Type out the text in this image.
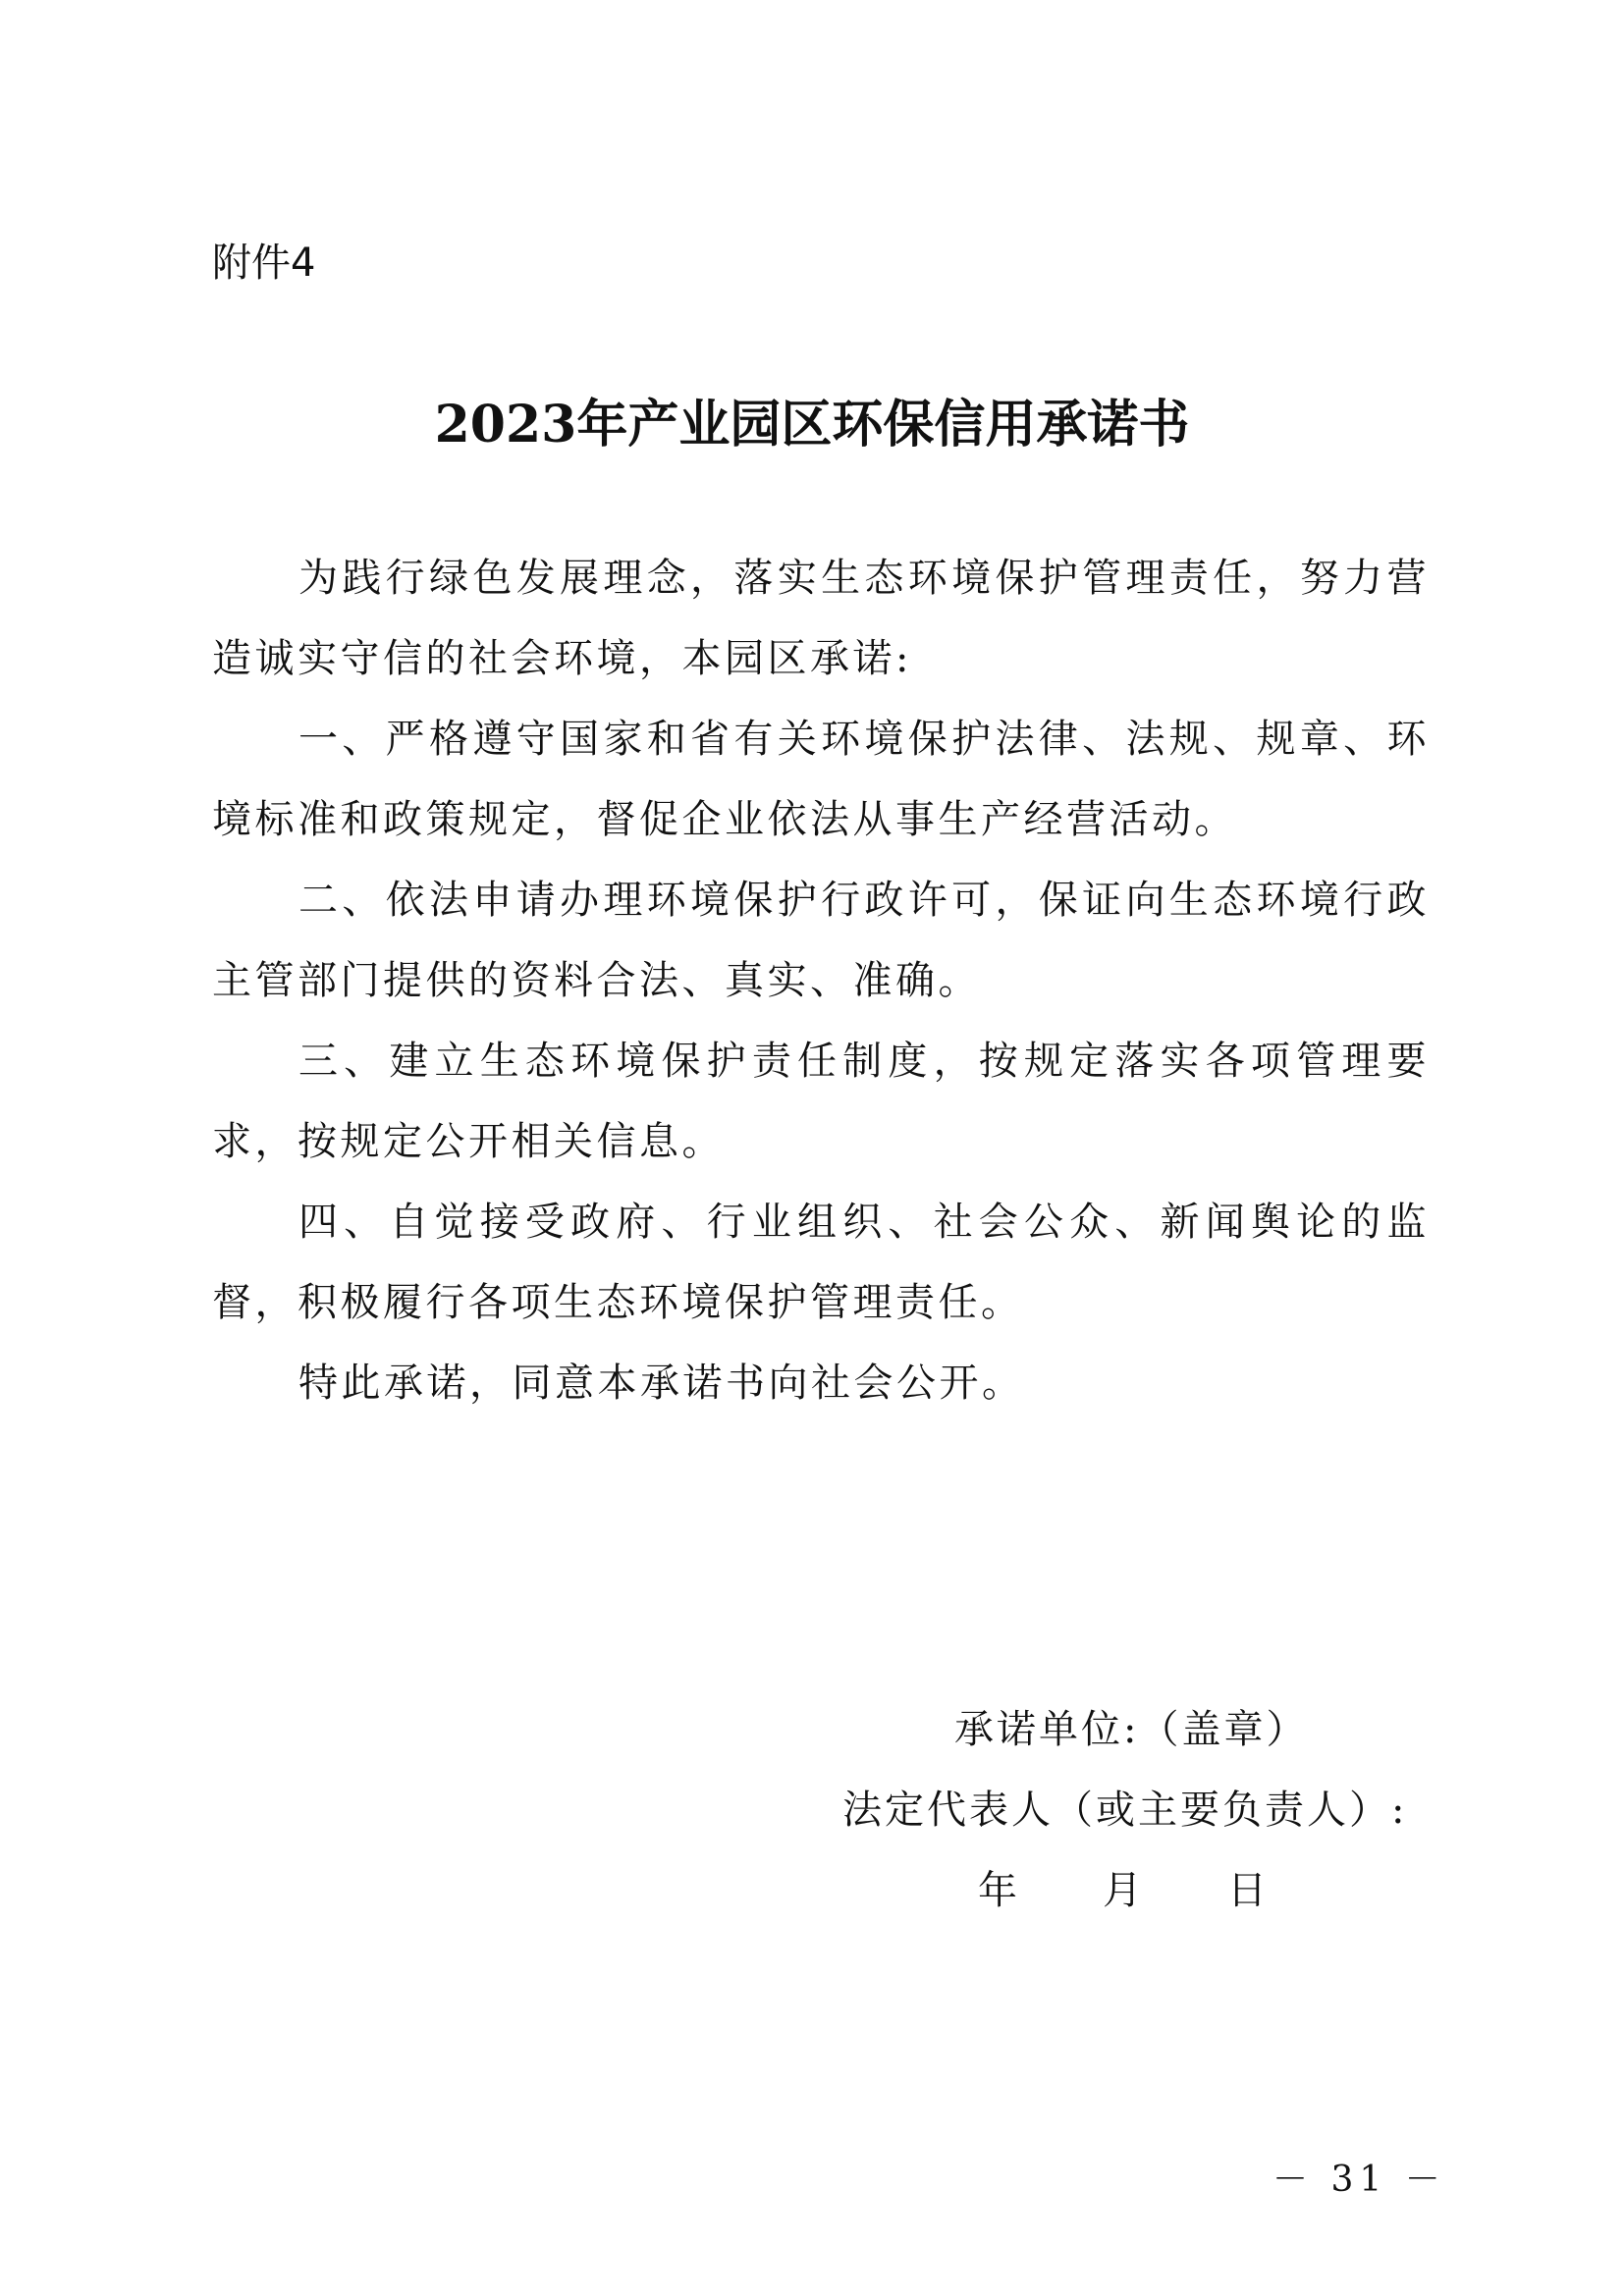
附件4
2023年产业园区环保信用承诺书

为践行绿色发展理念，落实生态环境保护管理责任，努力营造诚实守信的社会环境，本园区承诺:

一、严格遵守国家和省有关环境保护法律、法规、规章、环境标准和政策规定，督促企业依法从事生产经营活动。

二、依法申请办理环境保护行政许可，保证向生态环境行政主管部门提供的资料合法、真实、准确。

三、建立生态环境保护责任制度，按规定落实各项管理要求，按规定公开相关信息。

四、自觉接受政府、行业组织、社会公众、新闻舆论的监督，积极履行各项生态环境保护管理责任。

特此承诺，同意本承诺书向社会公开。

承诺单位:（盖章）
法定代表人（或主要负责人）:
年 月 日
－ 31 －
